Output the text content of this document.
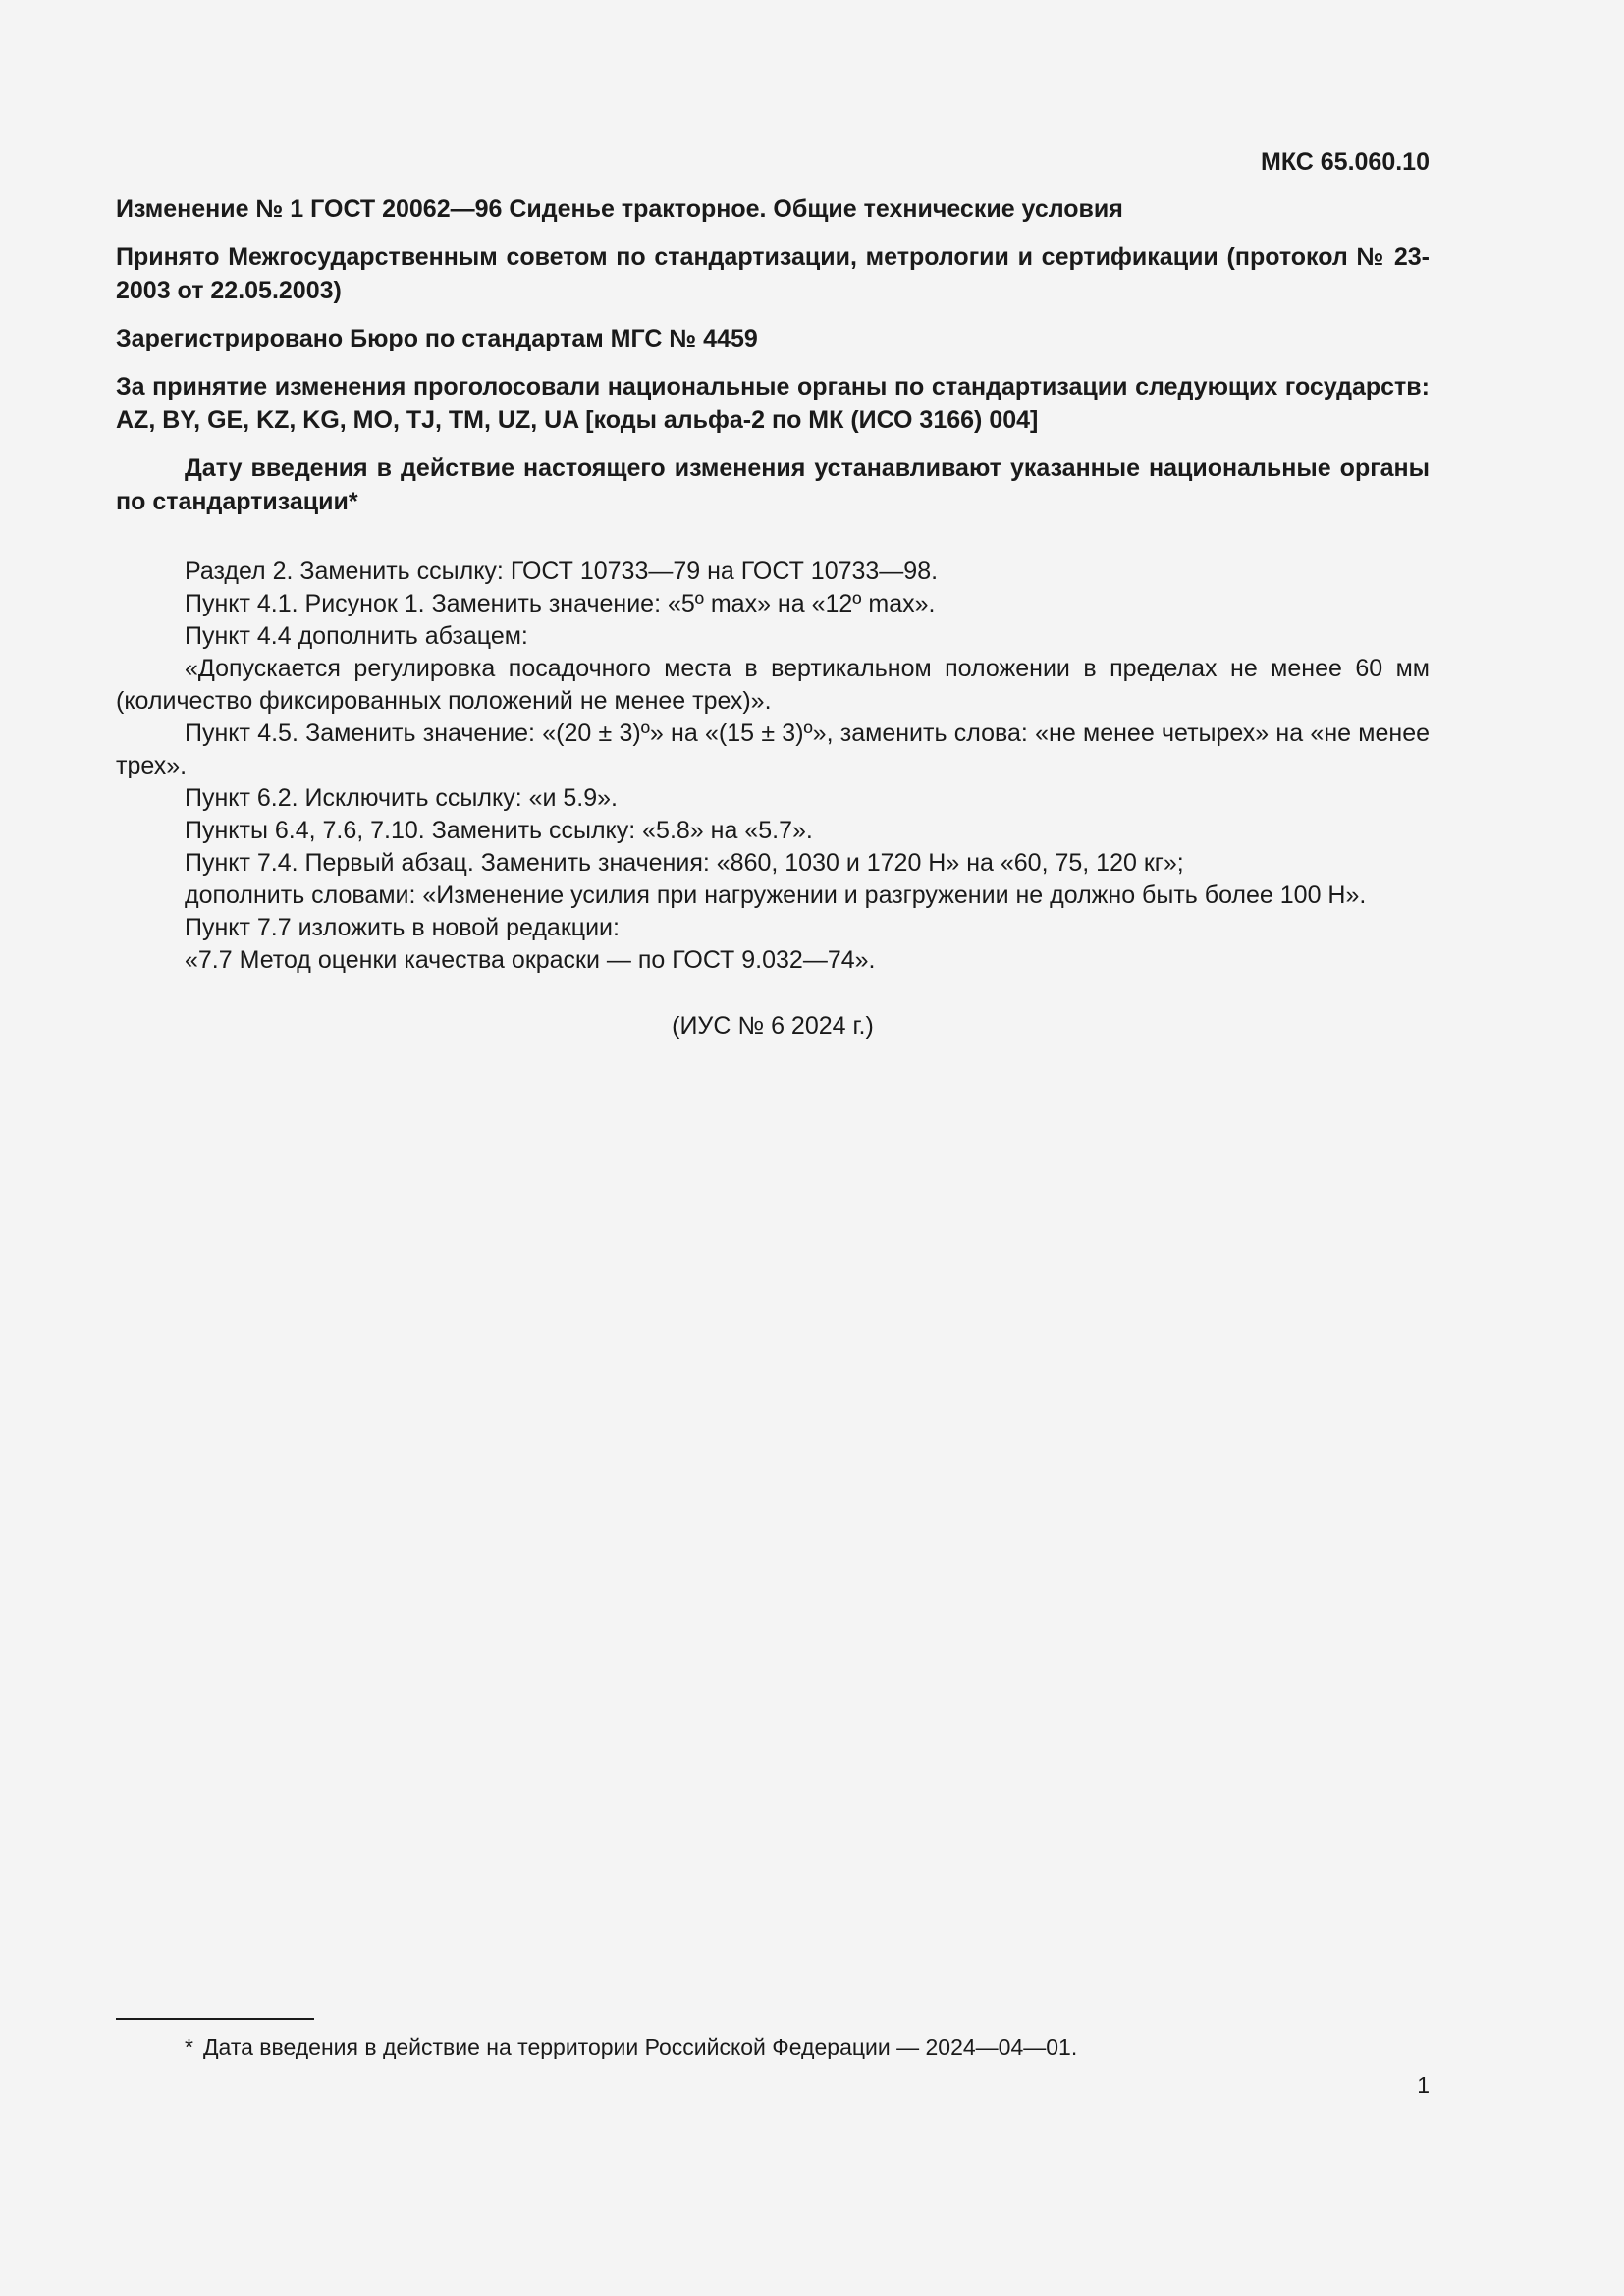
МКС 65.060.10
Изменение № 1 ГОСТ 20062—96 Сиденье тракторное. Общие технические условия
Принято Межгосударственным советом по стандартизации, метрологии и сертификации (протокол № 23-2003 от 22.05.2003)
Зарегистрировано Бюро по стандартам МГС № 4459
За принятие изменения проголосовали национальные органы по стандартизации следующих государств: AZ, BY, GE, KZ, KG, MO, TJ, TM, UZ, UA [коды альфа-2 по МК (ИСО 3166) 004]
Дату введения в действие настоящего изменения устанавливают указанные национальные органы по стандартизации*

Раздел 2. Заменить ссылку: ГОСТ 10733—79 на ГОСТ 10733—98.

Пункт 4.1. Рисунок 1. Заменить значение: «5º max» на «12º max».

Пункт 4.4 дополнить абзацем:

«Допускается регулировка посадочного места в вертикальном положении в пределах не менее 60 мм (количество фиксированных положений не менее трех)».

Пункт 4.5. Заменить значение: «(20 ± 3)º» на «(15 ± 3)º», заменить слова: «не менее четырех» на «не менее трех».

Пункт 6.2. Исключить ссылку: «и 5.9».

Пункты 6.4, 7.6, 7.10. Заменить ссылку: «5.8» на «5.7».

Пункт 7.4. Первый абзац. Заменить значения: «860, 1030 и 1720 Н» на «60, 75, 120 кг»;

дополнить словами: «Изменение усилия при нагружении и разгружении не должно быть более 100 Н».

Пункт 7.7 изложить в новой редакции:

«7.7 Метод оценки качества окраски — по ГОСТ 9.032—74».

(ИУС № 6 2024 г.)
* Дата введения в действие на территории Российской Федерации — 2024—04—01.
1
